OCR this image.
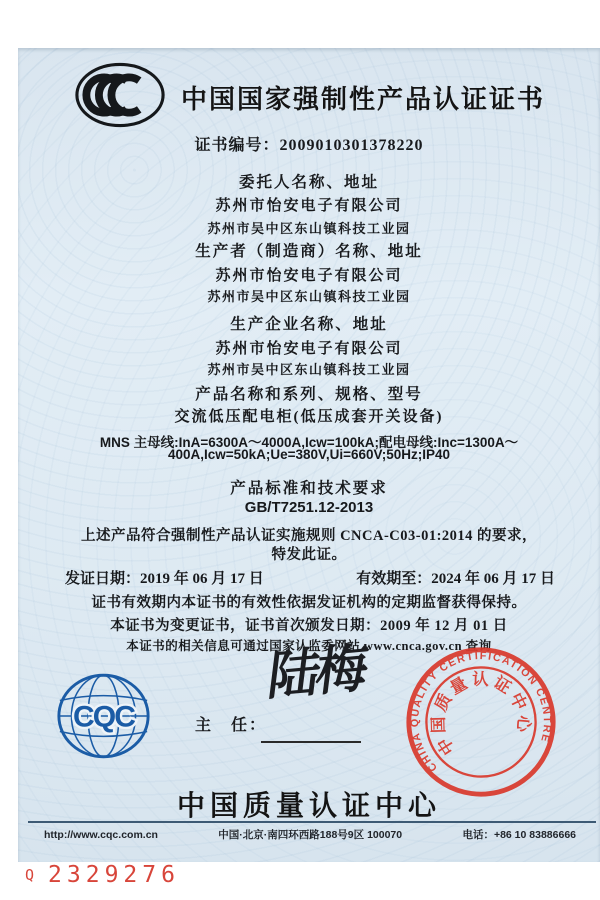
中国国家强制性产品认证证书
证书编号：2009010301378220
委托人名称、地址
苏州市怡安电子有限公司
苏州市吴中区东山镇科技工业园
生产者（制造商）名称、地址
苏州市怡安电子有限公司
苏州市吴中区东山镇科技工业园
生产企业名称、地址
苏州市怡安电子有限公司
苏州市吴中区东山镇科技工业园
产品名称和系列、规格、型号
交流低压配电柜(低压成套开关设备)
MNS 主母线:InA=6300A～4000A,Icw=100kA;配电母线:Inc=1300A～
400A,Icw=50kA;Ue=380V,Ui=660V;50Hz;IP40
产品标准和技术要求
GB/T7251.12-2013
上述产品符合强制性产品认证实施规则 CNCA-C03-01:2014 的要求，
特发此证。
发证日期：2019 年 06 月 17 日	有效期至：2024 年 06 月 17 日
证书有效期内本证书的有效性依据发证机构的定期监督获得保持。
本证书为变更证书，证书首次颁发日期：2009 年 12 月 01 日
本证书的相关信息可通过国家认监委网站 www.cnca.gov.cn 查询
CQC	主　任：
陆梅
CHINA QUALITY CERTIFICATION CENTRE
中国质量认证中心
中国质量认证中心
http://www.cqc.com.cn	中国·北京·南四环西路188号9区 100070	电话：+86 10 83886666
Q 2329276
